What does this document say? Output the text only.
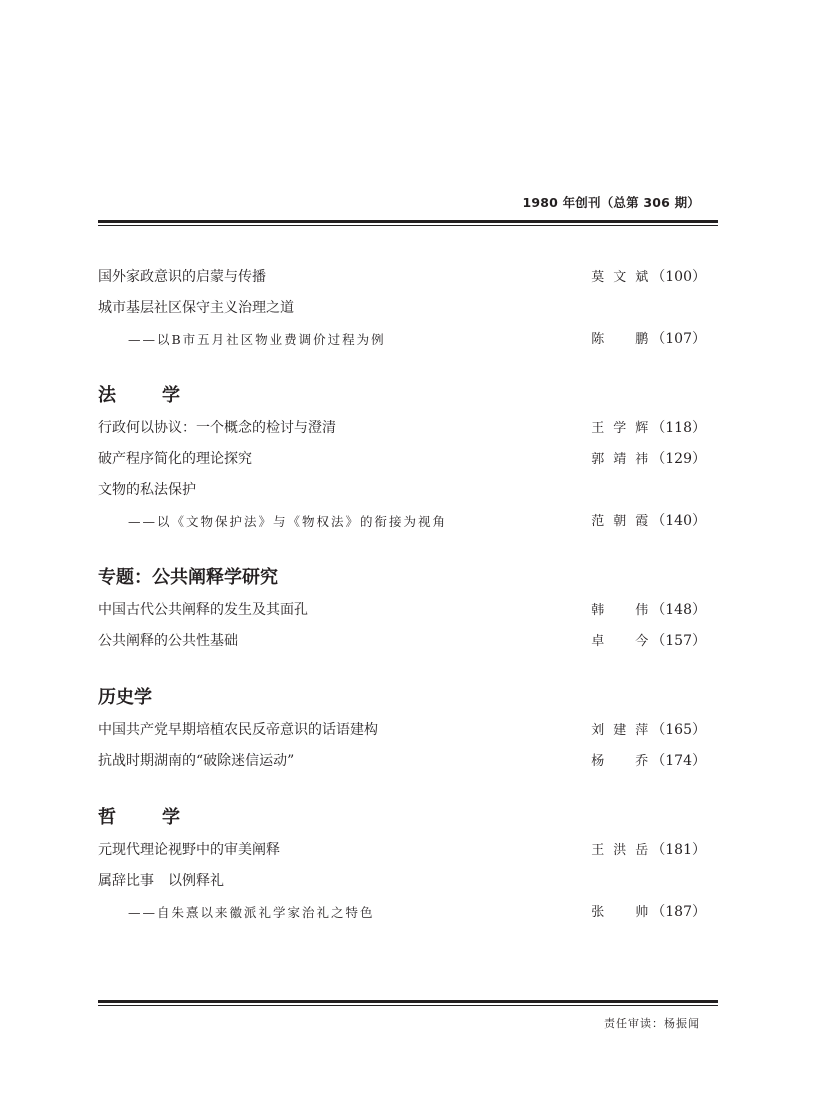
1980 年创刊（总第 306 期）
国外家政意识的启蒙与传播	莫文斌 （100）
城市基层社区保守主义治理之道
——以B市五月社区物业费调价过程为例	陈　鹏 （107）
法　学
行政何以协议：一个概念的检讨与澄清	王学辉 （118）
破产程序简化的理论探究	郭靖祎 （129）
文物的私法保护
——以《文物保护法》与《物权法》的衔接为视角	范朝霞 （140）
专题：公共阐释学研究
中国古代公共阐释的发生及其面孔	韩　伟 （148）
公共阐释的公共性基础	卓　今 （157）
历史学
中国共产党早期培植农民反帝意识的话语建构	刘建萍 （165）
抗战时期湖南的“破除迷信运动”	杨　乔 （174）
哲　学
元现代理论视野中的审美阐释	王洪岳 （181）
属辞比事　以例释礼
——自朱熹以来徽派礼学家治礼之特色	张　帅 （187）
责任审读：杨振闻
